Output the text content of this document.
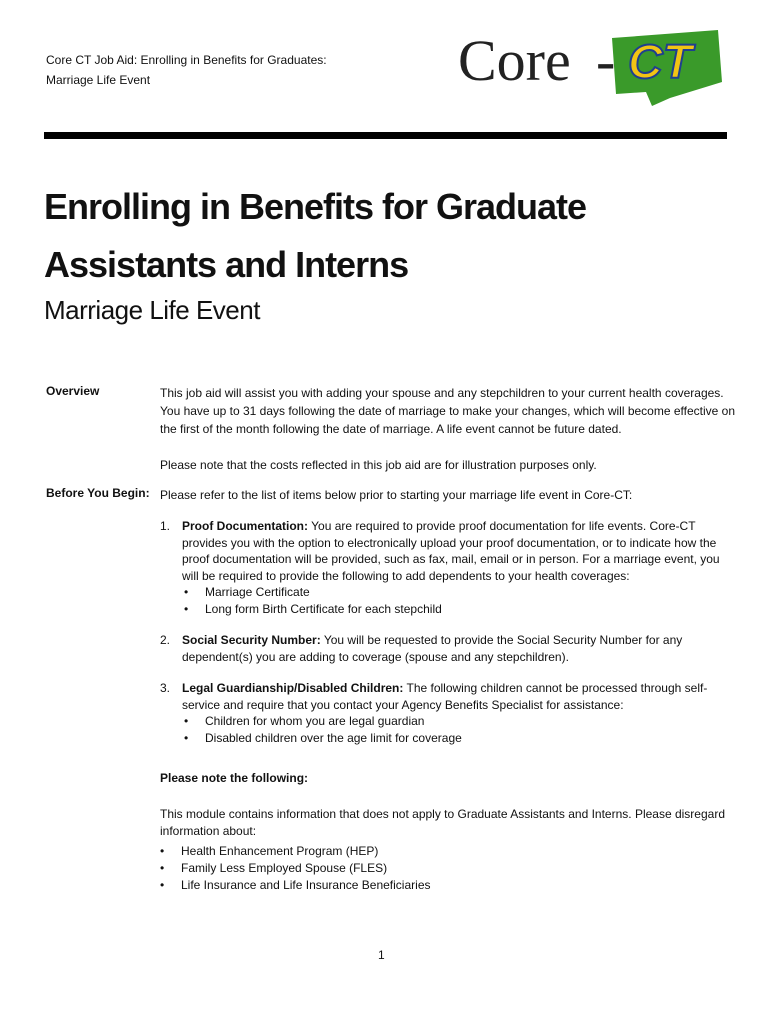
Core CT Job Aid: Enrolling in Benefits for Graduates:
Marriage Life Event	Core - CT
Enrolling in Benefits for Graduate Assistants and Interns
Marriage Life Event
Overview	This job aid will assist you with adding your spouse and any stepchildren to your current health coverages. You have up to 31 days following the date of marriage to make your changes, which will become effective on the first of the month following the date of marriage. A life event cannot be future dated.
Please note that the costs reflected in this job aid are for illustration purposes only.
Before You Begin: Please refer to the list of items below prior to starting your marriage life event in Core-CT:
1. Proof Documentation: You are required to provide proof documentation for life events. Core-CT provides you with the option to electronically upload your proof documentation, or to indicate how the proof documentation will be provided, such as fax, mail, email or in person. For a marriage event, you will be required to provide the following to add dependents to your health coverages:
• Marriage Certificate
• Long form Birth Certificate for each stepchild
2. Social Security Number: You will be requested to provide the Social Security Number for any dependent(s) you are adding to coverage (spouse and any stepchildren).
3. Legal Guardianship/Disabled Children: The following children cannot be processed through self-service and require that you contact your Agency Benefits Specialist for assistance:
• Children for whom you are legal guardian
• Disabled children over the age limit for coverage
Please note the following:
This module contains information that does not apply to Graduate Assistants and Interns. Please disregard information about:
• Health Enhancement Program (HEP)
• Family Less Employed Spouse (FLES)
• Life Insurance and Life Insurance Beneficiaries
1
